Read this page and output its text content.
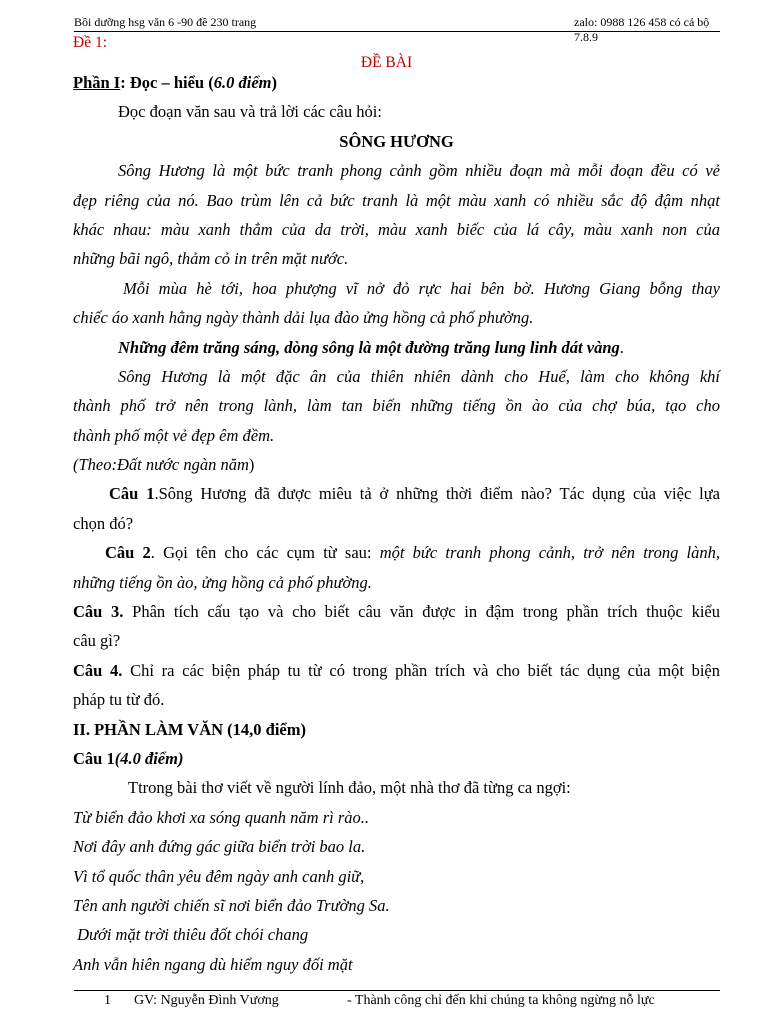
Bồi dưỡng hsg văn 6 -90 đề 230 trang	zalo: 0988 126 458 có cả bộ 7.8.9
Đề 1:
ĐỀ BÀI
Phần I: Đọc – hiểu (6.0 điểm)
Đọc đoạn văn sau và trả lời các câu hỏi:
SÔNG HƯƠNG
Sông Hương là một bức tranh phong cảnh gồm nhiều đoạn mà mỗi đoạn đều có vẻ
đẹp riêng của nó. Bao trùm lên cả bức tranh là một màu xanh có nhiều sắc độ đậm nhạt
khác nhau: màu xanh thẳm của da trời, màu xanh biếc của lá cây, màu xanh non của
những bãi ngô, thảm cỏ in trên mặt nước.
Mỗi mùa hè tới, hoa phượng vĩ nở đỏ rực hai bên bờ. Hương Giang bỗng thay
chiếc áo xanh hằng ngày thành dải lụa đào ửng hồng cả phố phường.
Những đêm trăng sáng, dòng sông là một đường trăng lung linh dát vàng.
Sông Hương là một đặc ân của thiên nhiên dành cho Huế, làm cho không khí
thành phố trở nên trong lành, làm tan biến những tiếng ồn ào của chợ búa, tạo cho
thành phố một vẻ đẹp êm đềm.
(Theo:Đất nước ngàn năm)
Câu 1.Sông Hương đã được miêu tả ở những thời điểm nào? Tác dụng của việc lựa
chọn đó?
Câu 2. Gọi tên cho các cụm từ sau: một bức tranh phong cảnh, trở nên trong lành,
những tiếng ồn ào, ửng hồng cả phố phường.
Câu 3. Phân tích cấu tạo và cho biết câu văn được in đậm trong phần trích thuộc kiểu
câu gì?
Câu 4. Chỉ ra các biện pháp tu từ có trong phần trích và cho biết tác dụng của một biện
pháp tu từ đó.
II. PHẦN LÀM VĂN (14,0 điểm)
Câu 1(4.0 điểm)
Ttrong bài thơ viết về người lính đảo, một nhà thơ đã từng ca ngợi:
Từ biển đảo khơi xa sóng quanh năm rì rào..
Nơi đây anh đứng gác giữa biển trời bao la.
Vì tổ quốc thân yêu đêm ngày anh canh giữ,
Tên anh người chiến sĩ nơi biển đảo Trường Sa.
Dưới mặt trời thiêu đốt chói chang
Anh vẫn hiên ngang dù hiểm nguy đối mặt
1 GV: Nguyễn Đình Vương	- Thành công chỉ đến khi chúng ta không ngừng nỗ lực
